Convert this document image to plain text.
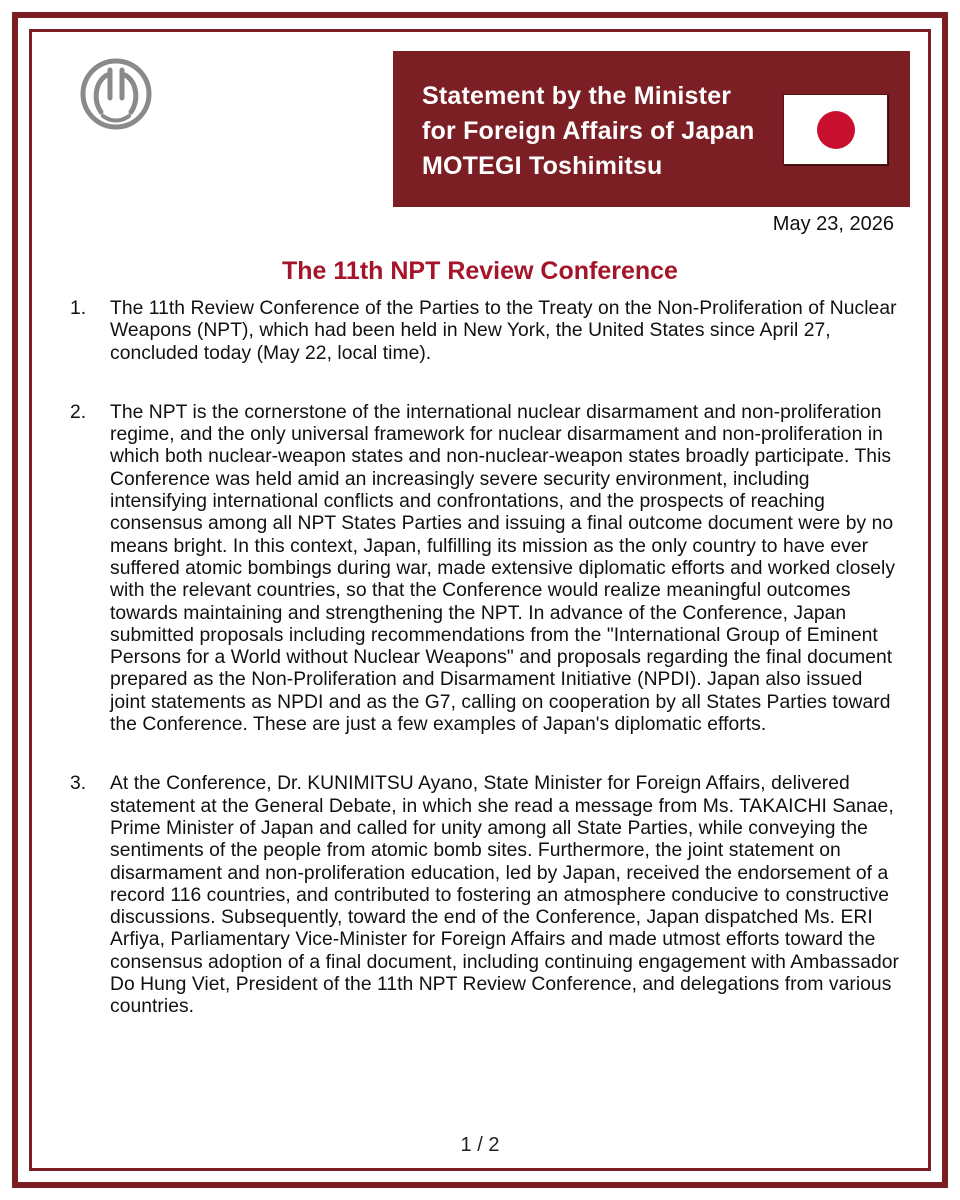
Statement by the Minister
for Foreign Affairs of Japan
MOTEGI Toshimitsu
May 23, 2026
The 11th NPT Review Conference
1. The 11th Review Conference of the Parties to the Treaty on the Non-Proliferation of Nuclear Weapons (NPT), which had been held in New York, the United States since April 27, concluded today (May 22, local time).
2. The NPT is the cornerstone of the international nuclear disarmament and non-proliferation regime, and the only universal framework for nuclear disarmament and non-proliferation in which both nuclear-weapon states and non-nuclear-weapon states broadly participate. This Conference was held amid an increasingly severe security environment, including intensifying international conflicts and confrontations, and the prospects of reaching consensus among all NPT States Parties and issuing a final outcome document were by no means bright. In this context, Japan, fulfilling its mission as the only country to have ever suffered atomic bombings during war, made extensive diplomatic efforts and worked closely with the relevant countries, so that the Conference would realize meaningful outcomes towards maintaining and strengthening the NPT. In advance of the Conference, Japan submitted proposals including recommendations from the "International Group of Eminent Persons for a World without Nuclear Weapons" and proposals regarding the final document prepared as the Non-Proliferation and Disarmament Initiative (NPDI). Japan also issued joint statements as NPDI and as the G7, calling on cooperation by all States Parties toward the Conference. These are just a few examples of Japan's diplomatic efforts.
3. At the Conference, Dr. KUNIMITSU Ayano, State Minister for Foreign Affairs, delivered statement at the General Debate, in which she read a message from Ms. TAKAICHI Sanae, Prime Minister of Japan and called for unity among all State Parties, while conveying the sentiments of the people from atomic bomb sites. Furthermore, the joint statement on disarmament and non-proliferation education, led by Japan, received the endorsement of a record 116 countries, and contributed to fostering an atmosphere conducive to constructive discussions. Subsequently, toward the end of the Conference, Japan dispatched Ms. ERI Arfiya, Parliamentary Vice-Minister for Foreign Affairs and made utmost efforts toward the consensus adoption of a final document, including continuing engagement with Ambassador Do Hung Viet, President of the 11th NPT Review Conference, and delegations from various countries.
1 / 2
